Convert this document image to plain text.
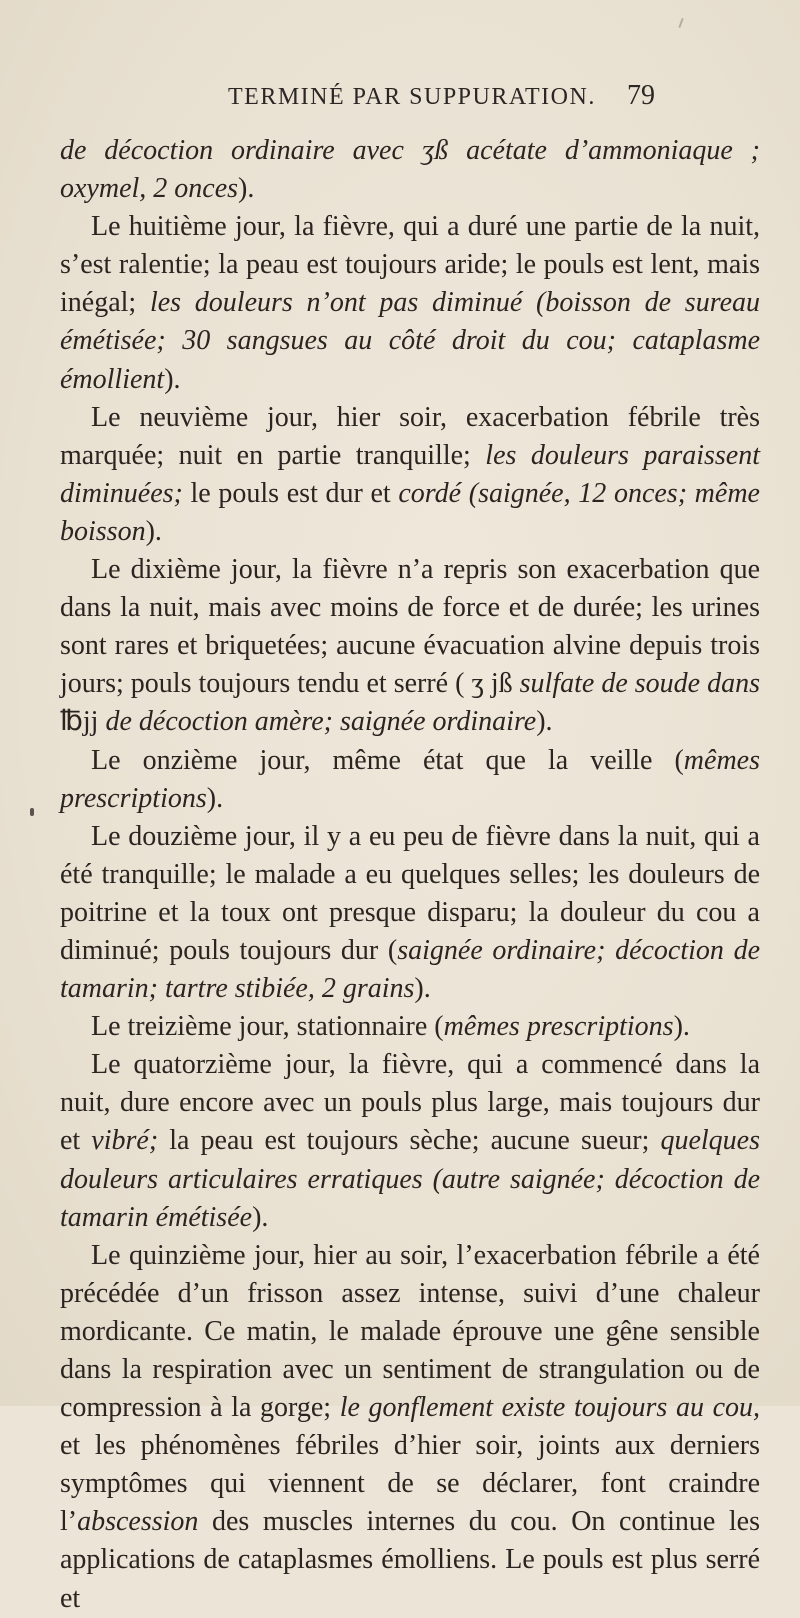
TERMINÉ PAR SUPPURATION.	79

de décoction ordinaire avec ʒß acétate d’ammoniaque ; oxymel, 2 onces).

Le huitième jour, la fièvre, qui a duré une partie de la nuit, s’est ralentie; la peau est toujours aride; le pouls est lent, mais inégal; les douleurs n’ont pas diminué (boisson de sureau émétisée; 30 sangsues au côté droit du cou; cataplasme émollient).

Le neuvième jour, hier soir, exacerbation fébrile très marquée; nuit en partie tranquille; les douleurs paraissent diminuées; le pouls est dur et cordé (saignée, 12 onces; même boisson).

Le dixième jour, la fièvre n’a repris son exacerbation que dans la nuit, mais avec moins de force et de durée; les urines sont rares et briquetées; aucune évacuation alvine depuis trois jours; pouls toujours tendu et serré ( ʒ jß sulfate de soude dans ℔jj de décoction amère; saignée ordinaire).

Le onzième jour, même état que la veille (mêmes prescriptions).

Le douzième jour, il y a eu peu de fièvre dans la nuit, qui a été tranquille; le malade a eu quelques selles; les douleurs de poitrine et la toux ont presque disparu; la douleur du cou a diminué; pouls toujours dur (saignée ordinaire; décoction de tamarin; tartre stibiée, 2 grains).

Le treizième jour, stationnaire (mêmes prescriptions).

Le quatorzième jour, la fièvre, qui a commencé dans la nuit, dure encore avec un pouls plus large, mais toujours dur et vibré; la peau est toujours sèche; aucune sueur; quelques douleurs articulaires erratiques (autre saignée; décoction de tamarin émétisée).

Le quinzième jour, hier au soir, l’exacerbation fébrile a été précédée d’un frisson assez intense, suivi d’une chaleur mordicante. Ce matin, le malade éprouve une gêne sensible dans la respiration avec un sentiment de strangulation ou de compression à la gorge; le gonflement existe toujours au cou, et les phénomènes fébriles d’hier soir, joints aux derniers symptômes qui viennent de se déclarer, font craindre l’abscession des muscles internes du cou. On continue les applications de cataplasmes émolliens. Le pouls est plus serré et
